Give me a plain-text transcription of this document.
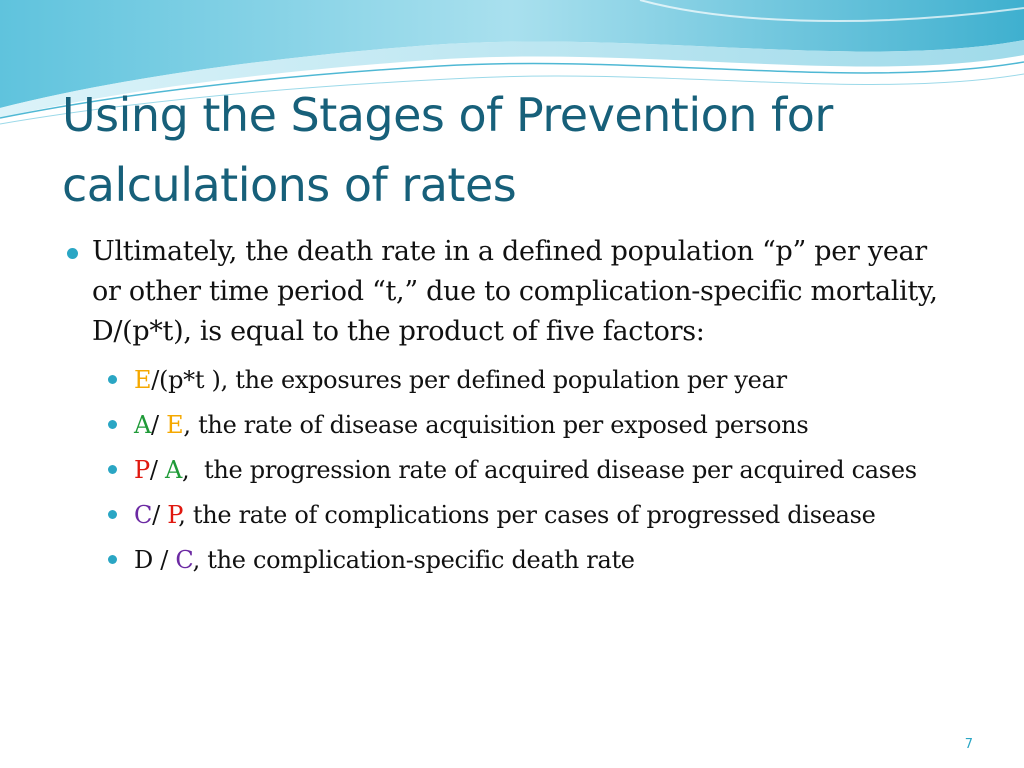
Using the Stages of Prevention for calculations of rates
Ultimately, the death rate in a defined population “p” per year or other time period “t,” due to complication-specific mortality, D/(p*t), is equal to the product of five factors:
E/(p*t ), the exposures per defined population per year
A/ E, the rate of disease acquisition per exposed persons
P/ A,  the progression rate of acquired disease per acquired cases
C/ P, the rate of complications per cases of progressed disease
D / C, the complication-specific death rate
7
